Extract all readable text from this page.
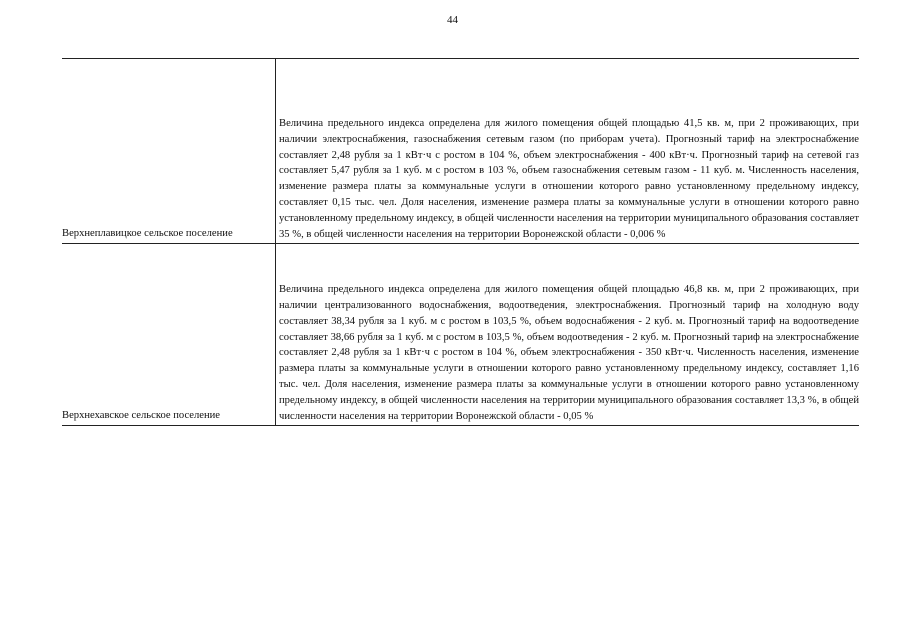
44
Верхнеплавицкое сельское поселение	Величина предельного индекса определена для жилого помещения общей площадью 41,5 кв. м, при 2 проживающих, при наличии электроснабжения, газоснабжения сетевым газом (по приборам учета). Прогнозный тариф на электроснабжение составляет 2,48 рубля за 1 кВт·ч с ростом в 104 %, объем электроснабжения - 400 кВт·ч. Прогнозный тариф на сетевой газ составляет 5,47 рубля за 1 куб. м с ростом в 103 %, объем газоснабжения сетевым газом - 11 куб. м. Численность населения, изменение размера платы за коммунальные услуги в отношении которого равно установленному предельному индексу, составляет 0,15 тыс. чел. Доля населения, изменение размера платы за коммунальные услуги в отношении которого равно установленному предельному индексу, в общей численности населения на территории муниципального образования составляет 35 %, в общей численности населения на территории Воронежской области - 0,006 %
Верхнехавское сельское поселение	Величина предельного индекса определена для жилого помещения общей площадью 46,8 кв. м, при 2 проживающих, при наличии централизованного водоснабжения, водоотведения, электроснабжения. Прогнозный тариф на холодную воду составляет 38,34 рубля за 1 куб. м с ростом в 103,5 %, объем водоснабжения - 2 куб. м. Прогнозный тариф на водоотведение составляет 38,66 рубля за 1 куб. м с ростом в 103,5 %, объем водоотведения - 2 куб. м. Прогнозный тариф на электроснабжение составляет 2,48 рубля за 1 кВт·ч с ростом в 104 %, объем электроснабжения - 350 кВт·ч. Численность населения, изменение размера платы за коммунальные услуги в отношении которого равно установленному предельному индексу, составляет 1,16 тыс. чел. Доля населения, изменение размера платы за коммунальные услуги в отношении которого равно установленному предельному индексу, в общей численности населения на территории муниципального образования составляет 13,3 %, в общей численности населения на территории Воронежской области - 0,05 %
